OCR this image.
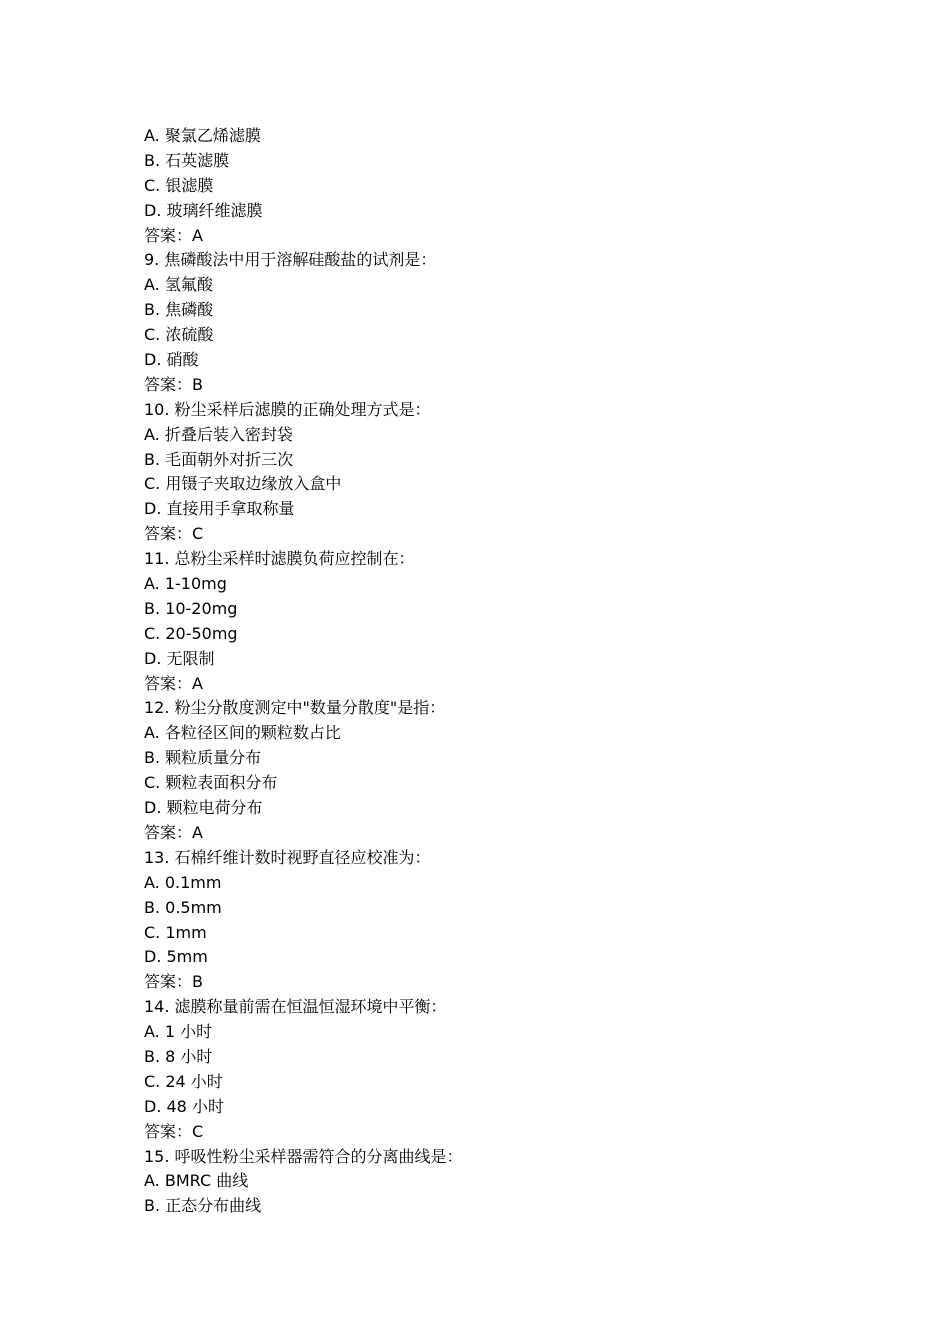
A. 聚氯乙烯滤膜
B. 石英滤膜
C. 银滤膜
D. 玻璃纤维滤膜
答案：A
9. 焦磷酸法中用于溶解硅酸盐的试剂是：
A. 氢氟酸
B. 焦磷酸
C. 浓硫酸
D. 硝酸
答案：B
10. 粉尘采样后滤膜的正确处理方式是：
A. 折叠后装入密封袋
B. 毛面朝外对折三次
C. 用镊子夹取边缘放入盒中
D. 直接用手拿取称量
答案：C
11. 总粉尘采样时滤膜负荷应控制在：
A. 1-10mg
B. 10-20mg
C. 20-50mg
D. 无限制
答案：A
12. 粉尘分散度测定中"数量分散度"是指：
A. 各粒径区间的颗粒数占比
B. 颗粒质量分布
C. 颗粒表面积分布
D. 颗粒电荷分布
答案：A
13. 石棉纤维计数时视野直径应校准为：
A. 0.1mm
B. 0.5mm
C. 1mm
D. 5mm
答案：B
14. 滤膜称量前需在恒温恒湿环境中平衡：
A. 1 小时
B. 8 小时
C. 24 小时
D. 48 小时
答案：C
15. 呼吸性粉尘采样器需符合的分离曲线是：
A. BMRC 曲线
B. 正态分布曲线
